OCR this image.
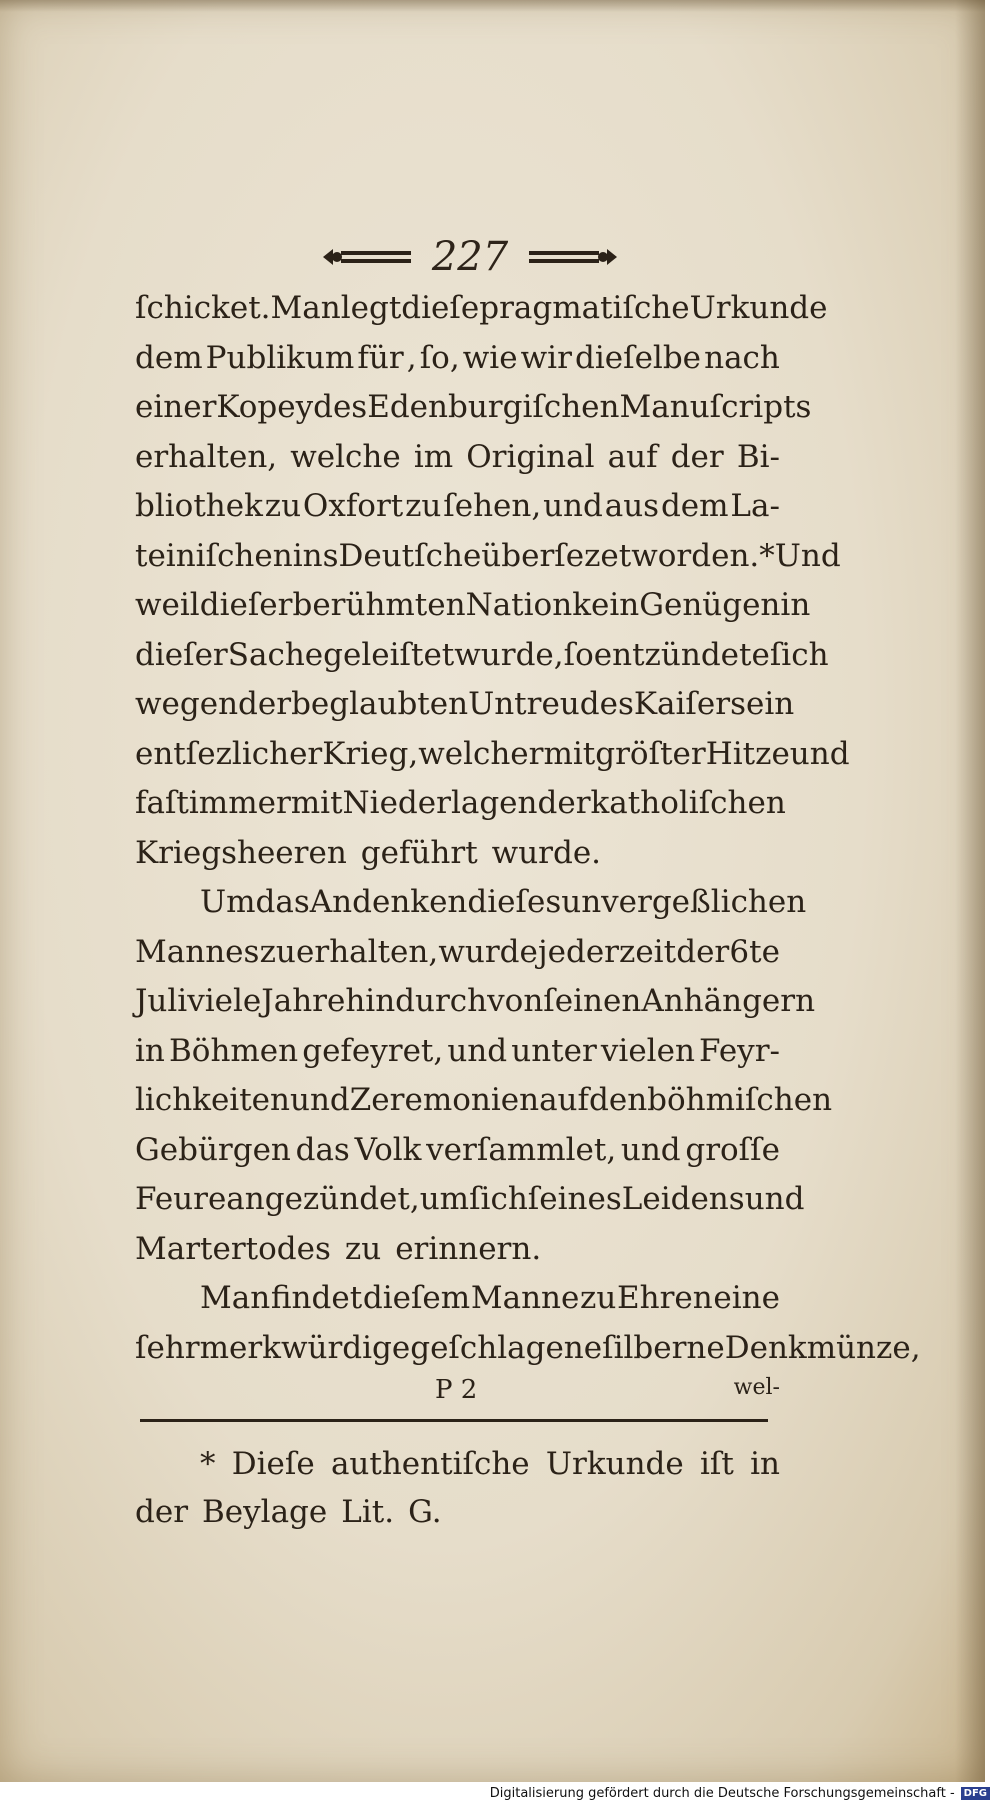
227
ſchicket. Man legt dieſe pragmatiſche Urkunde
dem Publikum für , ſo, wie wir dieſelbe nach
einer Kopey des Edenburgiſchen Manuſcripts
erhalten, welche im Original auf der Bi-
bliothek zu Oxfort zu ſehen, und aus dem La-
teiniſchen ins Deutſche überſezet worden.* Und
weil dieſer berühmten Nation kein Genügen in
dieſer Sache geleiſtet wurde, ſo entzündete ſich
wegen der beglaubten Untreu des Kaiſers ein
entſezlicher Krieg, welcher mit gröſter Hitze und
faſt immer mit Niederlagen der katholiſchen
Kriegsheeren geführt wurde.
Um das Andenken dieſes unvergeßlichen
Mannes zu erhalten, wurde jederzeit der 6te
Juli viele Jahre hindurch von ſeinen Anhängern
in Böhmen gefeyret, und unter vielen Feyr-
lichkeiten und Zeremonien auf den böhmiſchen
Gebürgen das Volk verſammlet, und groſſe
Feure angezündet, um ſich ſeines Leidens und
Martertodes zu erinnern.
Man findet dieſem Manne zu Ehren eine
ſehr merkwürdige geſchlagene ſilberne Denkmünze,
P 2	wel-
* Dieſe authentiſche Urkunde iſt in
der Beylage Lit. G.
Digitalisierung gefördert durch die Deutsche Forschungsgemeinschaft - DFG
